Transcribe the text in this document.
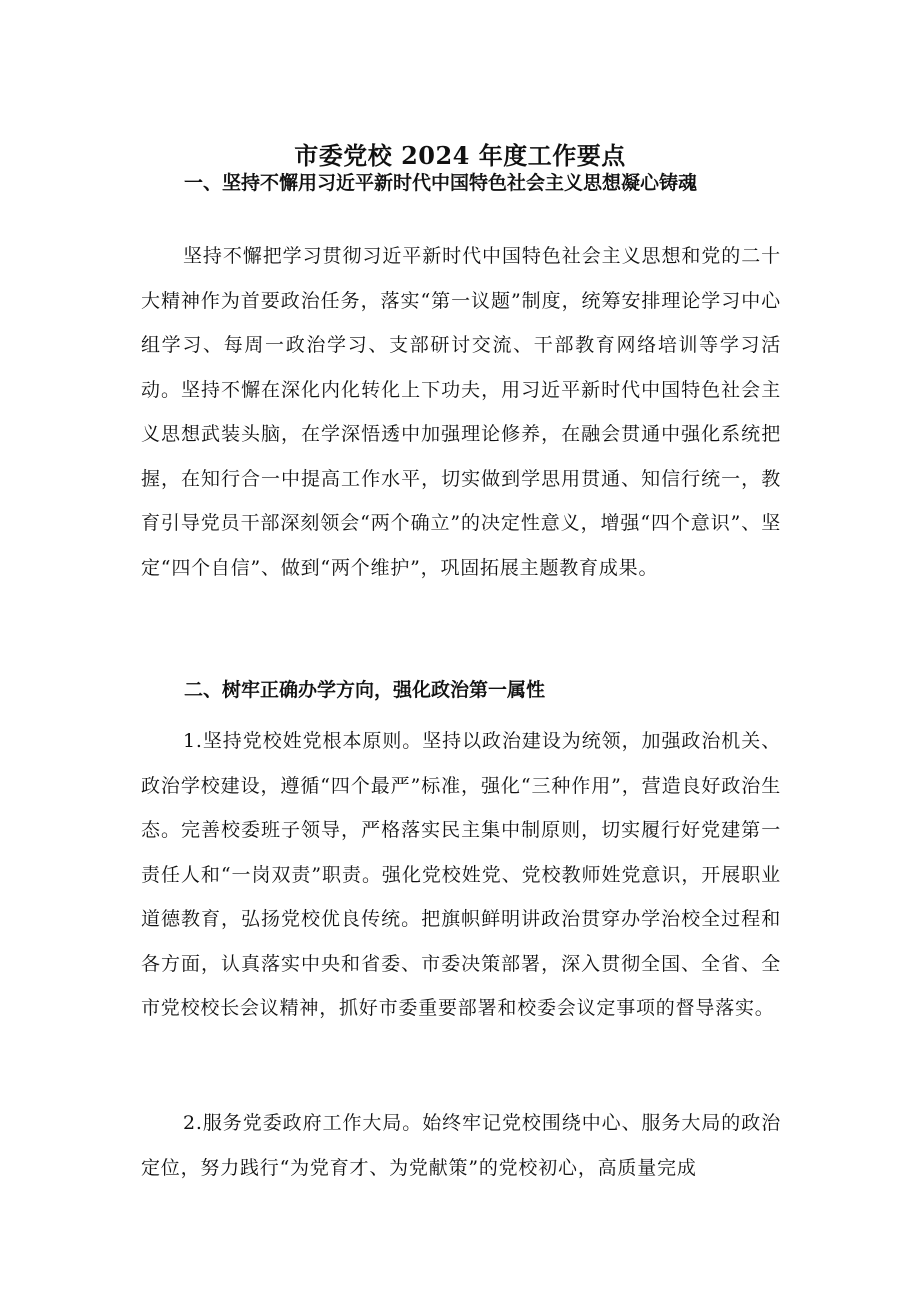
市委党校 2024 年度工作要点
一、坚持不懈用习近平新时代中国特色社会主义思想凝心铸魂
坚持不懈把学习贯彻习近平新时代中国特色社会主义思想和党的二十大精神作为首要政治任务，落实“第一议题”制度，统筹安排理论学习中心组学习、每周一政治学习、支部研讨交流、干部教育网络培训等学习活动。坚持不懈在深化内化转化上下功夫，用习近平新时代中国特色社会主义思想武装头脑，在学深悟透中加强理论修养，在融会贯通中强化系统把握，在知行合一中提高工作水平，切实做到学思用贯通、知信行统一，教育引导党员干部深刻领会“两个确立”的决定性意义，增强“四个意识”、坚定“四个自信”、做到“两个维护”，巩固拓展主题教育成果。
二、树牢正确办学方向，强化政治第一属性
1.坚持党校姓党根本原则。坚持以政治建设为统领，加强政治机关、政治学校建设，遵循“四个最严”标准，强化“三种作用”，营造良好政治生态。完善校委班子领导，严格落实民主集中制原则，切实履行好党建第一责任人和“一岗双责”职责。强化党校姓党、党校教师姓党意识，开展职业道德教育，弘扬党校优良传统。把旗帜鲜明讲政治贯穿办学治校全过程和各方面，认真落实中央和省委、市委决策部署，深入贯彻全国、全省、全市党校校长会议精神，抓好市委重要部署和校委会议定事项的督导落实。
2.服务党委政府工作大局。始终牢记党校围绕中心、服务大局的政治定位，努力践行“为党育才、为党献策”的党校初心，高质量完成
